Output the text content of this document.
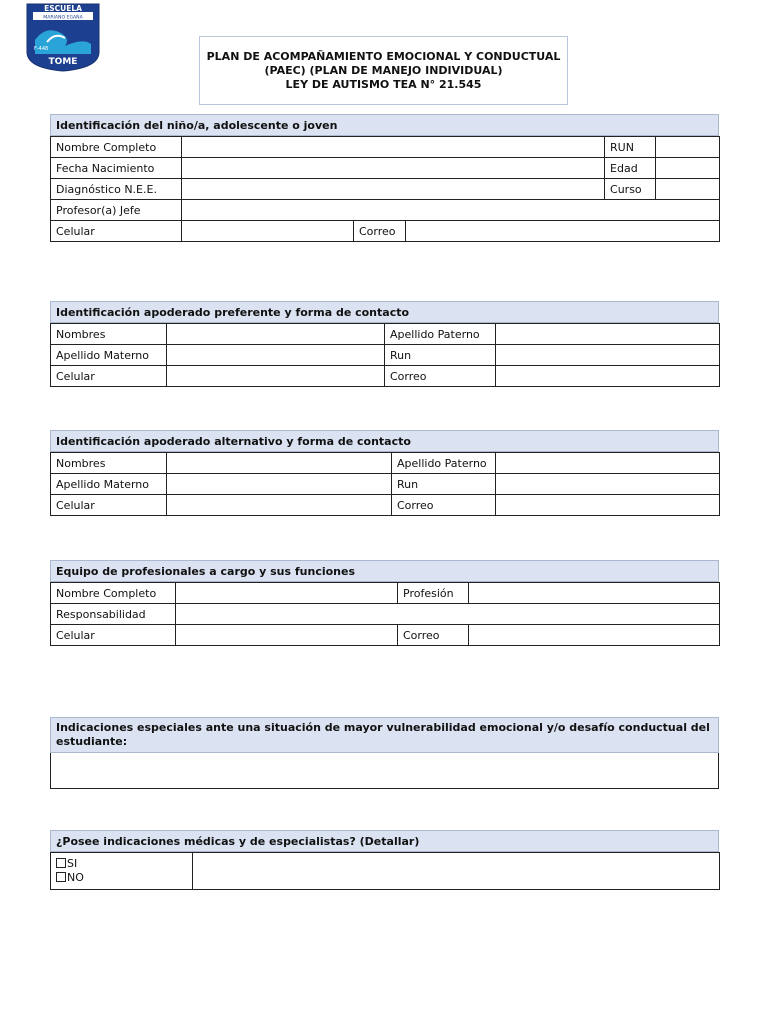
ESCUELA
MARIANO EGAÑA
F-448
TOME	PLAN DE ACOMPAÑAMIENTO EMOCIONAL Y CONDUCTUAL
(PAEC) (PLAN DE MANEJO INDIVIDUAL)
LEY DE AUTISMO TEA N° 21.545
Identificación del niño/a, adolescente o joven
Nombre Completo				RUN	
Fecha Nacimiento				Edad	
Diagnóstico N.E.E.				Curso	
Profesor(a) Jefe					
Celular		Correo			
Identificación apoderado preferente y forma de contacto
Nombres		Apellido Paterno	
Apellido Materno		Run	
Celular		Correo	
Identificación apoderado alternativo y forma de contacto
Nombres		Apellido Paterno	
Apellido Materno		Run	
Celular		Correo	
Equipo de profesionales a cargo y sus funciones
Nombre Completo		Profesión	
Responsabilidad			
Celular		Correo	
Indicaciones especiales ante una situación de mayor vulnerabilidad emocional y/o desafío conductual del estudiante:
¿Posee indicaciones médicas y de especialistas? (Detallar)
SI
NO
